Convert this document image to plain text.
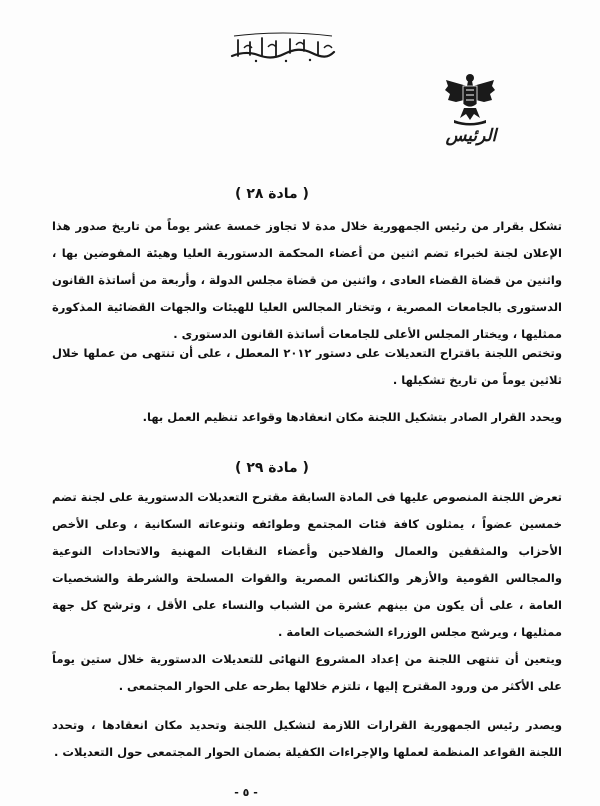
الرئيس
( مادة ٢٨ )

تشكل بقرار من رئيس الجمهورية خلال مدة لا تجاوز خمسة عشر يوماً من تاريخ صدور هذا الإعلان لجنة لخبراء تضم اثنين من أعضاء المحكمة الدستورية العليا وهيئة المفوضين بها ، واثنين من قضاة القضاء العادى ، واثنين من قضاة مجلس الدولة ، وأربعة من أساتذة القانون الدستورى بالجامعات المصرية ، وتختار المجالس العليا للهيئات والجهات القضائية المذكورة ممثليها ، ويختار المجلس الأعلى للجامعات أساتذة القانون الدستورى .

وتختص اللجنة باقتراح التعديلات على دستور ٢٠١٢ المعطل ، على أن تنتهى من عملها خلال ثلاثين يوماً من تاريخ تشكيلها .

ويحدد القرار الصادر بتشكيل اللجنة مكان انعقادها وقواعد تنظيم العمل بها.

( مادة ٢٩ )

تعرض اللجنة المنصوص عليها فى المادة السابقة مقترح التعديلات الدستورية على لجنة تضم خمسين عضواً ، يمثلون كافة فئات المجتمع وطوائفه وتنوعاته السكانية ، وعلى الأخص الأحزاب والمثقفين والعمال والفلاحين وأعضاء النقابات المهنية والاتحادات النوعية والمجالس القومية والأزهر والكنائس المصرية والقوات المسلحة والشرطة والشخصيات العامة ، على أن يكون من بينهم عشرة من الشباب والنساء على الأقل ، وترشح كل جهة ممثليها ، ويرشح مجلس الوزراء الشخصيات العامة .

ويتعين أن تنتهى اللجنة من إعداد المشروع النهائى للتعديلات الدستورية خلال ستين يوماً على الأكثر من ورود المقترح إليها ، تلتزم خلالها بطرحه على الحوار المجتمعى .

ويصدر رئيس الجمهورية القرارات اللازمة لتشكيل اللجنة وتحديد مكان انعقادها ، وتحدد اللجنة القواعد المنظمة لعملها والإجراءات الكفيلة بضمان الحوار المجتمعى حول التعديلات .

- ٥ -
